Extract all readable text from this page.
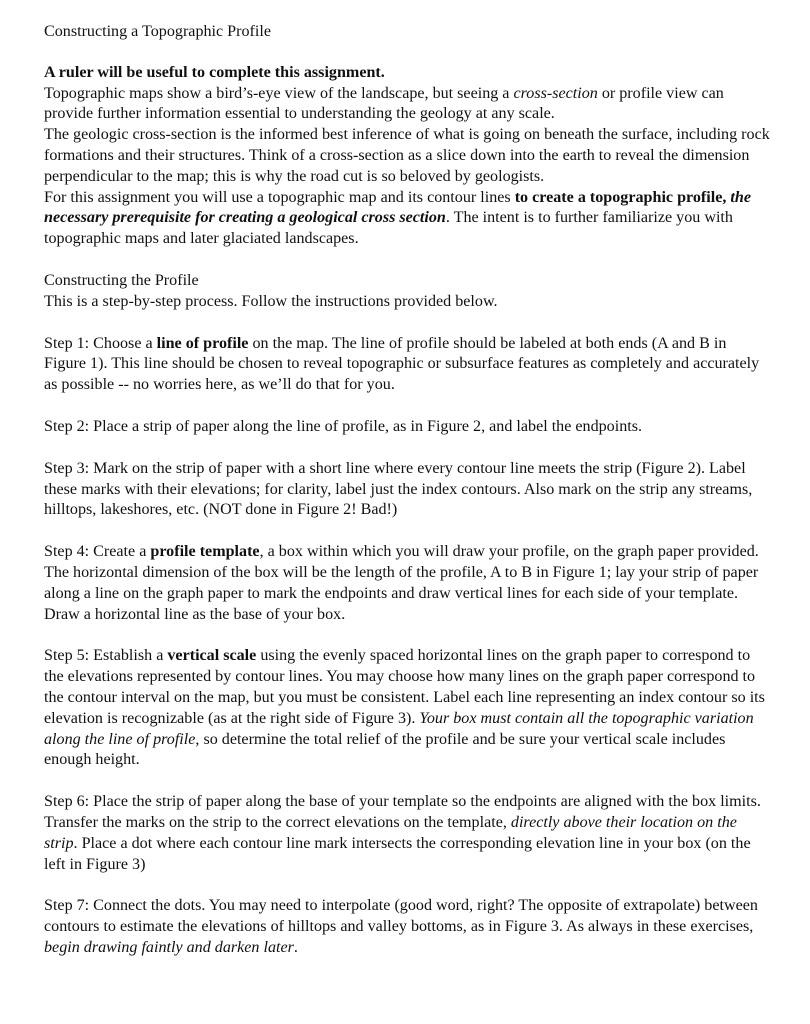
Constructing a Topographic Profile

A ruler will be useful to complete this assignment.

Topographic maps show a bird’s-eye view of the landscape, but seeing a cross-section or profile view can provide further information essential to understanding the geology at any scale.

The geologic cross-section is the informed best inference of what is going on beneath the surface, including rock formations and their structures. Think of a cross-section as a slice down into the earth to reveal the dimension perpendicular to the map; this is why the road cut is so beloved by geologists.

For this assignment you will use a topographic map and its contour lines to create a topographic profile, the necessary prerequisite for creating a geological cross section. The intent is to further familiarize you with topographic maps and later glaciated landscapes.

Constructing the Profile

This is a step-by-step process. Follow the instructions provided below.

Step 1: Choose a line of profile on the map. The line of profile should be labeled at both ends (A and B in Figure 1). This line should be chosen to reveal topographic or subsurface features as completely and accurately as possible -- no worries here, as we’ll do that for you.

Step 2: Place a strip of paper along the line of profile, as in Figure 2, and label the endpoints.

Step 3: Mark on the strip of paper with a short line where every contour line meets the strip (Figure 2). Label these marks with their elevations; for clarity, label just the index contours. Also mark on the strip any streams, hilltops, lakeshores, etc. (NOT done in Figure 2! Bad!)

Step 4: Create a profile template, a box within which you will draw your profile, on the graph paper provided. The horizontal dimension of the box will be the length of the profile, A to B in Figure 1; lay your strip of paper along a line on the graph paper to mark the endpoints and draw vertical lines for each side of your template. Draw a horizontal line as the base of your box.

Step 5: Establish a vertical scale using the evenly spaced horizontal lines on the graph paper to correspond to the elevations represented by contour lines. You may choose how many lines on the graph paper correspond to the contour interval on the map, but you must be consistent. Label each line representing an index contour so its elevation is recognizable (as at the right side of Figure 3). Your box must contain all the topographic variation along the line of profile, so determine the total relief of the profile and be sure your vertical scale includes enough height.

Step 6: Place the strip of paper along the base of your template so the endpoints are aligned with the box limits. Transfer the marks on the strip to the correct elevations on the template, directly above their location on the strip. Place a dot where each contour line mark intersects the corresponding elevation line in your box (on the left in Figure 3)

Step 7: Connect the dots. You may need to interpolate (good word, right? The opposite of extrapolate) between contours to estimate the elevations of hilltops and valley bottoms, as in Figure 3. As always in these exercises, begin drawing faintly and darken later.
